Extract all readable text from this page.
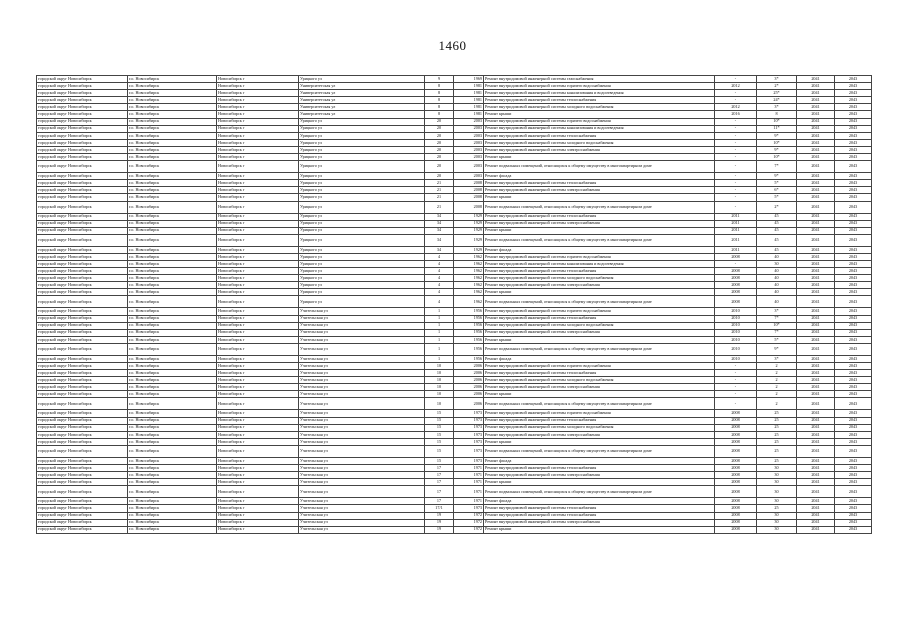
1460
городской округ Новосибирск	г.о. Новосибирск	Новосибирск г	Урицкого ул	9	1969	Ремонт внутридомовой инженерной системы газоснабжения	-	3*	2041	2043
городской округ Новосибирск	г.о. Новосибирск	Новосибирск г	Университетская ул	8	1981	Ремонт внутридомовой инженерной системы горячего водоснабжения	2012	2*	2041	2043
городской округ Новосибирск	г.о. Новосибирск	Новосибирск г	Университетская ул	8	1981	Ремонт внутридомовой инженерной системы канализования и водоотведения	-	25*	2041	2043
городской округ Новосибирск	г.о. Новосибирск	Новосибирск г	Университетская ул	8	1981	Ремонт внутридомовой инженерной системы теплоснабжения	-	24*	2041	2043
городской округ Новосибирск	г.о. Новосибирск	Новосибирск г	Университетская ул	8	1981	Ремонт внутридомовой инженерной системы холодного водоснабжения	2012	3*	2041	2043
городской округ Новосибирск	г.о. Новосибирск	Новосибирск г	Университетская ул	8	1981	Ремонт крыши	2016	8	2041	2043
городской округ Новосибирск	г.о. Новосибирск	Новосибирск г	Урицкого ул	20	2003	Ремонт внутридомовой инженерной системы горячего водоснабжения	-	10*	2041	2043
городской округ Новосибирск	г.о. Новосибирск	Новосибирск г	Урицкого ул	20	2003	Ремонт внутридомовой инженерной системы канализования и водоотведения	-	11*	2041	2043
городской округ Новосибирск	г.о. Новосибирск	Новосибирск г	Урицкого ул	20	2003	Ремонт внутридомовой инженерной системы теплоснабжения	-	9*	2041	2043
городской округ Новосибирск	г.о. Новосибирск	Новосибирск г	Урицкого ул	20	2003	Ремонт внутридомовой инженерной системы холодного водоснабжения	-	10*	2041	2043
городской округ Новосибирск	г.о. Новосибирск	Новосибирск г	Урицкого ул	20	2003	Ремонт внутридомовой инженерной системы электроснабжения	-	9*	2041	2043
городской округ Новосибирск	г.о. Новосибирск	Новосибирск г	Урицкого ул	20	2003	Ремонт крыши	-	10*	2041	2043
городской округ Новосибирск	г.о. Новосибирск	Новосибирск г	Урицкого ул	20	2003	Ремонт подвальных помещений, относящихся к общему имуществу в многоквартирном доме	-	7*	2041	2043
городской округ Новосибирск	г.о. Новосибирск	Новосибирск г	Урицкого ул	20	2003	Ремонт фасада	-	9*	2041	2043
городской округ Новосибирск	г.о. Новосибирск	Новосибирск г	Урицкого ул	21	2008	Ремонт внутридомовой инженерной системы теплоснабжения	-	5*	2041	2043
городской округ Новосибирск	г.о. Новосибирск	Новосибирск г	Урицкого ул	21	2008	Ремонт внутридомовой инженерной системы электроснабжения	-	6*	2041	2043
городской округ Новосибирск	г.о. Новосибирск	Новосибирск г	Урицкого ул	21	2008	Ремонт крыши	-	5*	2041	2043
городской округ Новосибирск	г.о. Новосибирск	Новосибирск г	Урицкого ул	21	2008	Ремонт подвальных помещений, относящихся к общему имуществу в многоквартирном доме	-	2*	2041	2043
городской округ Новосибирск	г.о. Новосибирск	Новосибирск г	Урицкого ул	34	1929	Ремонт внутридомовой инженерной системы теплоснабжения	2011	45	2041	2043
городской округ Новосибирск	г.о. Новосибирск	Новосибирск г	Урицкого ул	34	1929	Ремонт внутридомовой инженерной системы электроснабжения	2011	45	2041	2043
городской округ Новосибирск	г.о. Новосибирск	Новосибирск г	Урицкого ул	34	1929	Ремонт крыши	2011	45	2041	2043
городской округ Новосибирск	г.о. Новосибирск	Новосибирск г	Урицкого ул	34	1929	Ремонт подвальных помещений, относящихся к общему имуществу в многоквартирном доме	2011	45	2041	2043
городской округ Новосибирск	г.о. Новосибирск	Новосибирск г	Урицкого ул	34	1929	Ремонт фасада	2011	45	2041	2043
городской округ Новосибирск	г.о. Новосибирск	Новосибирск г	Урицкого ул	4	1962	Ремонт внутридомовой инженерной системы горячего водоснабжения	2008	40	2041	2043
городской округ Новосибирск	г.о. Новосибирск	Новосибирск г	Урицкого ул	4	1962	Ремонт внутридомовой инженерной системы канализования и водоотведения	-	30	2041	2043
городской округ Новосибирск	г.о. Новосибирск	Новосибирск г	Урицкого ул	4	1962	Ремонт внутридомовой инженерной системы теплоснабжения	2008	40	2041	2043
городской округ Новосибирск	г.о. Новосибирск	Новосибирск г	Урицкого ул	4	1962	Ремонт внутридомовой инженерной системы холодного водоснабжения	2008	40	2041	2043
городской округ Новосибирск	г.о. Новосибирск	Новосибирск г	Урицкого ул	4	1962	Ремонт внутридомовой инженерной системы электроснабжения	2008	40	2041	2043
городской округ Новосибирск	г.о. Новосибирск	Новосибирск г	Урицкого ул	4	1962	Ремонт крыши	2008	40	2041	2043
городской округ Новосибирск	г.о. Новосибирск	Новосибирск г	Урицкого ул	4	1962	Ремонт подвальных помещений, относящихся к общему имуществу в многоквартирном доме	2008	40	2041	2043
городской округ Новосибирск	г.о. Новосибирск	Новосибирск г	Учительская ул	1	1956	Ремонт внутридомовой инженерной системы горячего водоснабжения	2010	3*	2041	2043
городской округ Новосибирск	г.о. Новосибирск	Новосибирск г	Учительская ул	1	1956	Ремонт внутридомовой инженерной системы теплоснабжения	2010	7*	2041	2043
городской округ Новосибирск	г.о. Новосибирск	Новосибирск г	Учительская ул	1	1956	Ремонт внутридомовой инженерной системы холодного водоснабжения	2010	10*	2041	2043
городской округ Новосибирск	г.о. Новосибирск	Новосибирск г	Учительская ул	1	1956	Ремонт внутридомовой инженерной системы электроснабжения	2010	7*	2041	2043
городской округ Новосибирск	г.о. Новосибирск	Новосибирск г	Учительская ул	1	1956	Ремонт крыши	2010	5*	2041	2043
городской округ Новосибирск	г.о. Новосибирск	Новосибирск г	Учительская ул	1	1956	Ремонт подвальных помещений, относящихся к общему имуществу в многоквартирном доме	2010	9*	2041	2043
городской округ Новосибирск	г.о. Новосибирск	Новосибирск г	Учительская ул	1	1956	Ремонт фасада	2010	3*	2041	2043
городской округ Новосибирск	г.о. Новосибирск	Новосибирск г	Учительская ул	10	2006	Ремонт внутридомовой инженерной системы горячего водоснабжения	-	2	2041	2043
городской округ Новосибирск	г.о. Новосибирск	Новосибирск г	Учительская ул	10	2006	Ремонт внутридомовой инженерной системы теплоснабжения	-	2	2041	2043
городской округ Новосибирск	г.о. Новосибирск	Новосибирск г	Учительская ул	10	2006	Ремонт внутридомовой инженерной системы холодного водоснабжения	-	2	2041	2043
городской округ Новосибирск	г.о. Новосибирск	Новосибирск г	Учительская ул	10	2006	Ремонт внутридомовой инженерной системы электроснабжения	-	2	2041	2043
городской округ Новосибирск	г.о. Новосибирск	Новосибирск г	Учительская ул	10	2006	Ремонт крыши	-	2	2041	2043
городской округ Новосибирск	г.о. Новосибирск	Новосибирск г	Учительская ул	10	2006	Ремонт подвальных помещений, относящихся к общему имуществу в многоквартирном доме	-	2	2041	2043
городской округ Новосибирск	г.о. Новосибирск	Новосибирск г	Учительская ул	15	1973	Ремонт внутридомовой инженерной системы горячего водоснабжения	2008	25	2041	2043
городской округ Новосибирск	г.о. Новосибирск	Новосибирск г	Учительская ул	15	1973	Ремонт внутридомовой инженерной системы теплоснабжения	2008	25	2041	2043
городской округ Новосибирск	г.о. Новосибирск	Новосибирск г	Учительская ул	15	1973	Ремонт внутридомовой инженерной системы холодного водоснабжения	2008	25	2041	2043
городской округ Новосибирск	г.о. Новосибирск	Новосибирск г	Учительская ул	15	1973	Ремонт внутридомовой инженерной системы электроснабжения	2008	25	2041	2043
городской округ Новосибирск	г.о. Новосибирск	Новосибирск г	Учительская ул	15	1973	Ремонт крыши	2008	25	2041	2043
городской округ Новосибирск	г.о. Новосибирск	Новосибирск г	Учительская ул	15	1973	Ремонт подвальных помещений, относящихся к общему имуществу в многоквартирном доме	2008	25	2041	2043
городской округ Новосибирск	г.о. Новосибирск	Новосибирск г	Учительская ул	15	1973	Ремонт фасада	2008	25	2041	2043
городской округ Новосибирск	г.о. Новосибирск	Новосибирск г	Учительская ул	17	1971	Ремонт внутридомовой инженерной системы теплоснабжения	2008	30	2041	2043
городской округ Новосибирск	г.о. Новосибирск	Новосибирск г	Учительская ул	17	1971	Ремонт внутридомовой инженерной системы электроснабжения	2008	30	2041	2043
городской округ Новосибирск	г.о. Новосибирск	Новосибирск г	Учительская ул	17	1971	Ремонт крыши	2008	30	2041	2043
городской округ Новосибирск	г.о. Новосибирск	Новосибирск г	Учительская ул	17	1971	Ремонт подвальных помещений, относящихся к общему имуществу в многоквартирном доме	2008	30	2041	2043
городской округ Новосибирск	г.о. Новосибирск	Новосибирск г	Учительская ул	17	1971	Ремонт фасада	2008	30	2041	2043
городской округ Новосибирск	г.о. Новосибирск	Новосибирск г	Учительская ул	17/1	1973	Ремонт внутридомовой инженерной системы теплоснабжения	2008	25	2041	2043
городской округ Новосибирск	г.о. Новосибирск	Новосибирск г	Учительская ул	19	1972	Ремонт внутридомовой инженерной системы теплоснабжения	2008	30	2041	2043
городской округ Новосибирск	г.о. Новосибирск	Новосибирск г	Учительская ул	19	1972	Ремонт внутридомовой инженерной системы электроснабжения	2008	30	2041	2043
городской округ Новосибирск	г.о. Новосибирск	Новосибирск г	Учительская ул	19	1972	Ремонт крыши	2008	30	2041	2043
